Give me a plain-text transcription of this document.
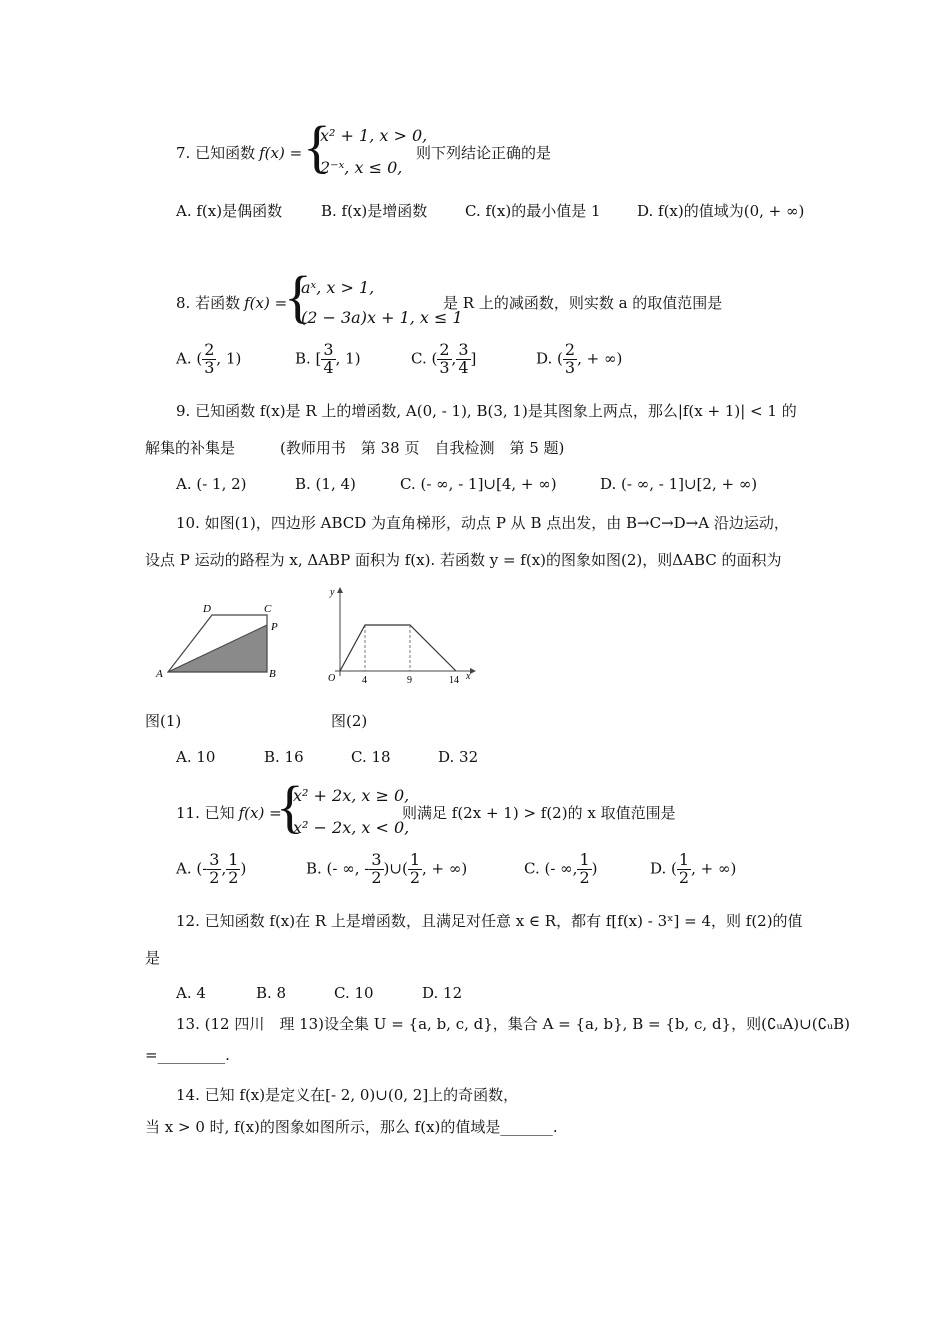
7. 已知函数 f(x) = {
x² + 1, x > 0,
2⁻ˣ, x ≤ 0,
则下列结论正确的是
A. f(x)是偶函数	B. f(x)是增函数	C. f(x)的最小值是 1 D. f(x)的值域为(0, + ∞)
8. 若函数 f(x) =
{
aˣ, x > 1,
(2 − 3a)x + 1, x ≤ 1
是 R 上的减函数，则实数 a 的取值范围是
A. ( $\frac{2}{3}$ , 1)	B. [ $\frac{3}{4}$ , 1)	C. ( $\frac{2}{3}$ , $\frac{3}{4}$ ]	D. ( $\frac{2}{3}$ , + ∞)
9. 已知函数 f(x)是 R 上的增函数, A(0, - 1), B(3, 1)是其图象上两点，那么|f(x + 1)| < 1 的
解集的补集是　　　(教师用书　第 38 页　自我检测　第 5 题)
A. (- 1, 2)	B. (1, 4)	C. (- ∞, - 1]∪[4, + ∞)	D. (- ∞, - 1]∪[2, + ∞)
10. 如图(1)，四边形 ABCD 为直角梯形，动点 P 从 B 点出发，由 B→C→D→A 沿边运动，
设点 P 运动的路程为 x, ΔABP 面积为 f(x). 若函数 y = f(x)的图象如图(2)，则ΔABC 的面积为
D	C
P
A	B
y
x
O	4	9	14
图(1)	图(2)
A. 10	B. 16	C. 18	D. 32
11. 已知 f(x) =
{
x² + 2x, x ≥ 0,
x² − 2x, x < 0,
则满足 f(2x + 1) > f(2)的 x 取值范围是
A. (- $\frac{3}{2}$ , $\frac{1}{2}$ )	B. (- ∞, - $\frac{3}{2}$ )∪( $\frac{1}{2}$ , + ∞)	C. (- ∞, $\frac{1}{2}$ )	D. ( $\frac{1}{2}$ , + ∞)
12. 已知函数 f(x)在 R 上是增函数，且满足对任意 x ∈ R，都有 f[f(x) - 3ˣ] = 4，则 f(2)的值
是
A. 4	B. 8	C. 10	D. 12
13. (12 四川　理 13)设全集 U = {a, b, c, d}，集合 A = {a, b}, B = {b, c, d}，则(∁ᵤA)∪(∁ᵤB)
=_________.
14. 已知 f(x)是定义在[- 2, 0)∪(0, 2]上的奇函数，
当 x > 0 时, f(x)的图象如图所示，那么 f(x)的值域是_______.
